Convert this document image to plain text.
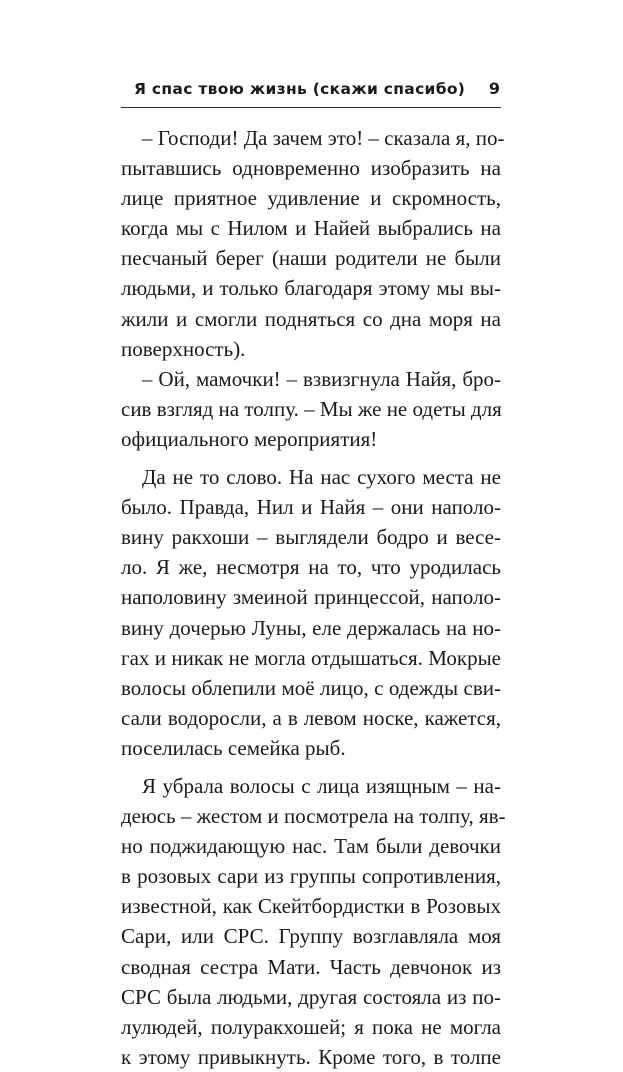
Я спас твою жизнь (скажи спасибо) 9
– Господи! Да зачем это! – сказала я, по-
пытавшись одновременно изобразить на
лице приятное удивление и скромность,
когда мы с Нилом и Найей выбрались на
песчаный берег (наши родители не были
людьми, и только благодаря этому мы вы-
жили и смогли подняться со дна моря на
поверхность).
– Ой, мамочки! – взвизгнула Найя, бро-
сив взгляд на толпу. – Мы же не одеты для
официального мероприятия!
Да не то слово. На нас сухого места не
было. Правда, Нил и Найя – они наполо-
вину ракхоши – выглядели бодро и весе-
ло. Я же, несмотря на то, что уродилась
наполовину змеиной принцессой, наполо-
вину дочерью Луны, еле держалась на но-
гах и никак не могла отдышаться. Мокрые
волосы облепили моё лицо, с одежды сви-
сали водоросли, а в левом носке, кажется,
поселилась семейка рыб.
Я убрала волосы с лица изящным – на-
деюсь – жестом и посмотрела на толпу, яв-
но поджидающую нас. Там были девочки
в розовых сари из группы сопротивления,
известной, как Скейтбордистки в Розовых
Сари, или СРС. Группу возглавляла моя
сводная сестра Мати. Часть девчонок из
СРС была людьми, другая состояла из по-
лулюдей, полуракхошей; я пока не могла
к этому привыкнуть. Кроме того, в толпе
